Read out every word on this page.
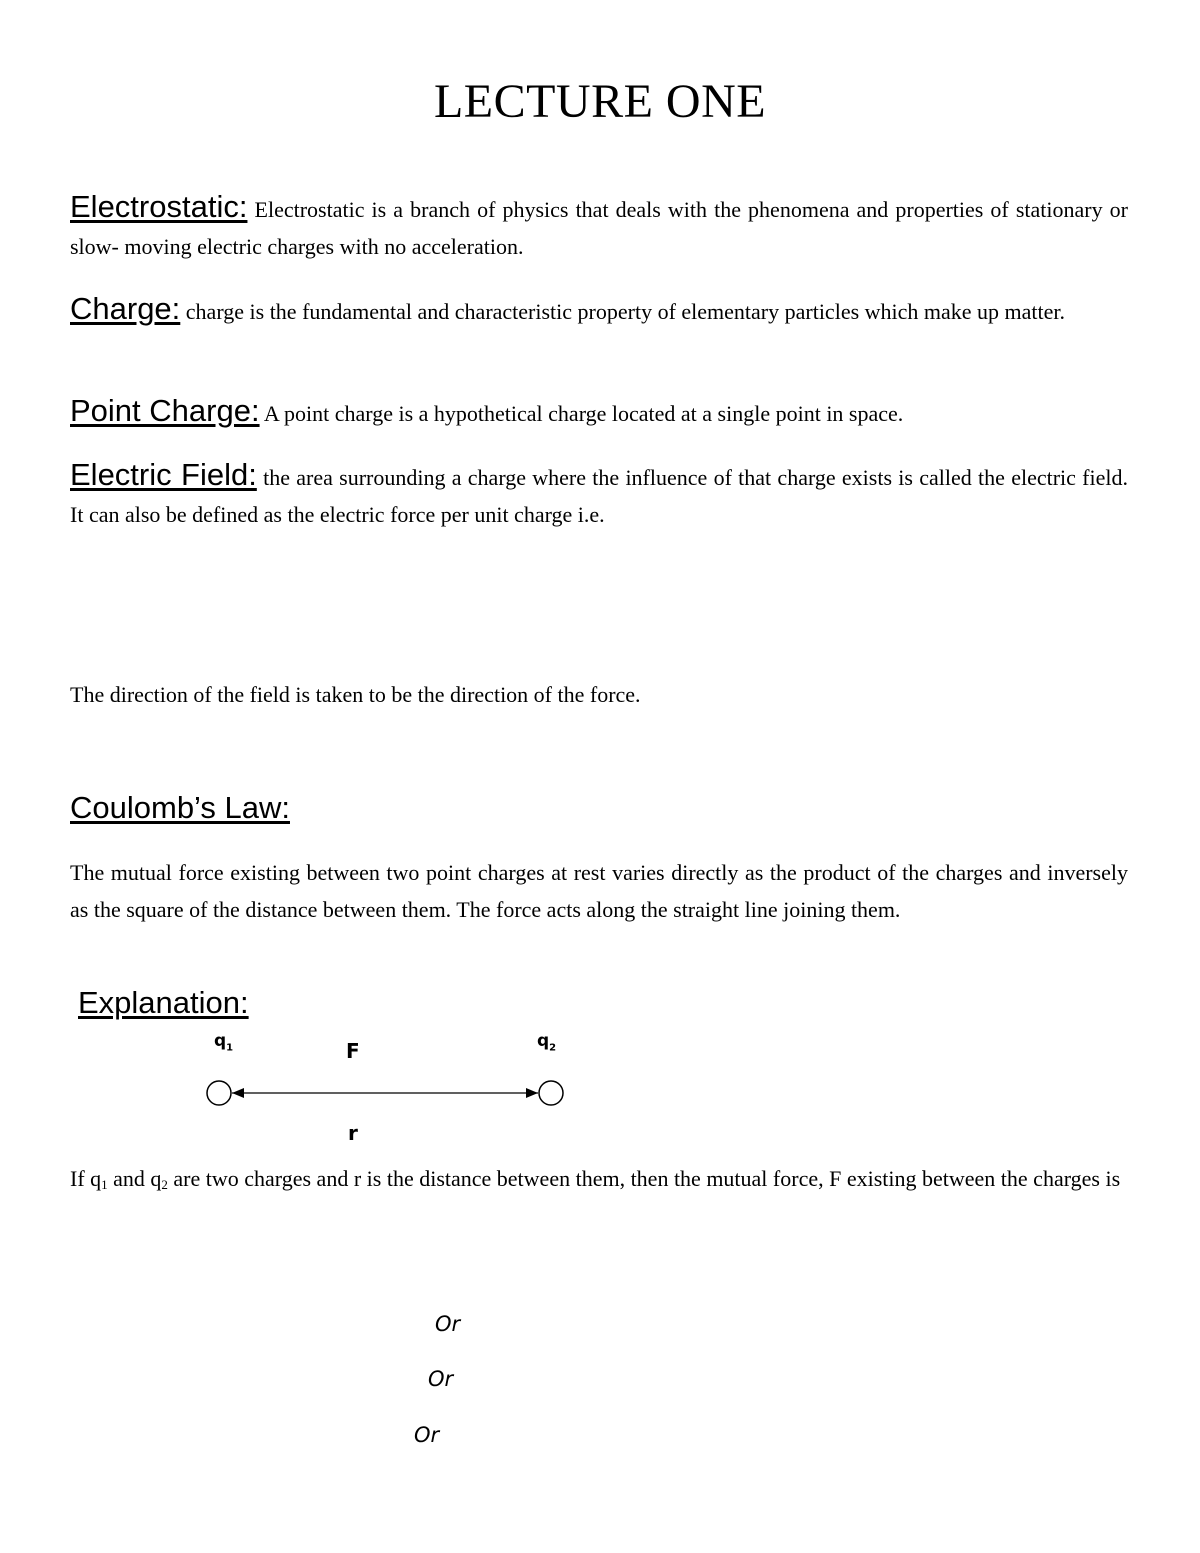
LECTURE ONE
Electrostatic: Electrostatic is a branch of physics that deals with the phenomena and properties of stationary or slow- moving electric charges with no acceleration.
Charge: charge is the fundamental and characteristic property of elementary particles which make up matter.
Point Charge: A point charge is a hypothetical charge located at a single point in space.
Electric Field: the area surrounding a charge where the influence of that charge exists is called the electric field. It can also be defined as the electric force per unit charge i.e.
The direction of the field is taken to be the direction of the force.
Coulomb’s Law:
The mutual force existing between two point charges at rest varies directly as the product of the charges and inversely as the square of the distance between them. The force acts along the straight line joining them.
Explanation:
$q_1$	F	$q_2$
r
If $q_1$ and $q_2$ are two charges and r is the distance between them, then the mutual force, F existing between the charges is
Or
Or
Or
